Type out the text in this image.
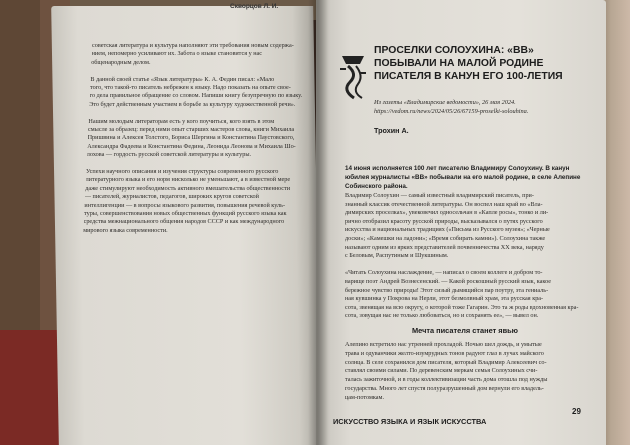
Скворцов Л. И.
советская литература и культура наполняют эти требования новым содержа-
нием, непомерно усиливают их. Забота о языке становится у нас
общенародным делом.
В данной своей статье «Язык литературы» К. А. Федин писал: «Мало
того, что такой-то писатель небрежен к языку. Надо показать на опыте свое-
го дела правильное обращение со словом. Напиши книгу безупречную по языку.
Это будет действенным участием в борьбе за культуру художественной речи».
Нашим молодым литераторам есть у кого поучиться, кого взять в этом
смысле за образец: перед ними опыт старших мастеров слова, книги Михаила
Пришвина и Алексея Толстого, Бориса Шергина и Константина Паустовского,
Александра Фадеева и Константина Федина, Леонида Леонова и Михаила Шо-
лохова — гордость русской советской литературы и культуры.
Успехи научного описания и изучения структуры современного русского
литературного языка и его норм нисколько не уменьшают, а в известной мере
даже стимулируют необходимость активного вмешательства общественности
— писателей, журналистов, педагогов, широких кругов советской
интеллигенции — в вопросы языкового развития, повышения речевой куль-
туры, совершенствования новых общественных функций русского языка как
средства межнационального общения народов СССР и как международного
мирового языка современности.
ПРОСЕЛКИ СОЛОУХИНА: «ВВ» ПОБЫВАЛИ НА МАЛОЙ РОДИНЕ ПИСАТЕЛЯ В КАНУН ЕГО 100-ЛЕТИЯ
Из газеты «Владимирские ведомости», 26 мая 2024. https://vedom.ru/news/2024/05/26/67159-proselki-solouhina.
Трохин А.
14 июня исполняется 100 лет писателю Владимиру Солоухину. В канун юбилея журналисты «ВВ» побывали на его малой родине, в селе Алепине Собинского района.
Владимир Солоухин — самый известный владимирский писатель, при-
знанный классик отечественной литературы. Он воспел наш край во «Вла-
димирских проселках», увековечил односельчан в «Капле росы», тонко и ли-
рично отобразил красоту русской природы, высказывался о путях русского
искусства и национальных традициях («Письма из Русского музея»; «Черные
доски»; «Камешки на ладони»; «Время собирать камни»). Солоухина также
называют одним из ярких представителей почвенничества XX века, наряду
с Беловым, Распутиным и Шукшиным.
«Читать Солоухина наслаждение, — написал о своем коллеге и добром то-
варище поэт Андрей Вознесенский. — Какой роскошный русский язык, какое
бережное чувство природы! Этот сизый дымящийся пар поутру, эта гениаль-
ная кувшинка у Покрова на Нерли, этот безмолвный храм, эта русская кра-
сота, звенящая на всю округу, о которой тоже Гагарин. Это та ж роды вдохновенная кра-
сота, зовущая нас не только любоваться, но и сохранять ее», — вывел он.
Мечта писателя станет явью
Алепино встретило нас утренней прохладой. Ночью шел дождь, и умытые
трава и одуванчики желто-изумрудных тонов радуют глаз в лучах майского
солнца. В селе сохранился дом писателя, который Владимир Алексеевич со-
ставлял своими силами. По деревенским меркам семья Солоухиных счи-
талась зажиточной, и в годы коллективизации часть дома отошла под нужды
государства. Много лет спустя полуразрушенный дом вернули его владель-
цам-потомкам.
ИСКУССТВО ЯЗЫКА И ЯЗЫК ИСКУССТВА
29
